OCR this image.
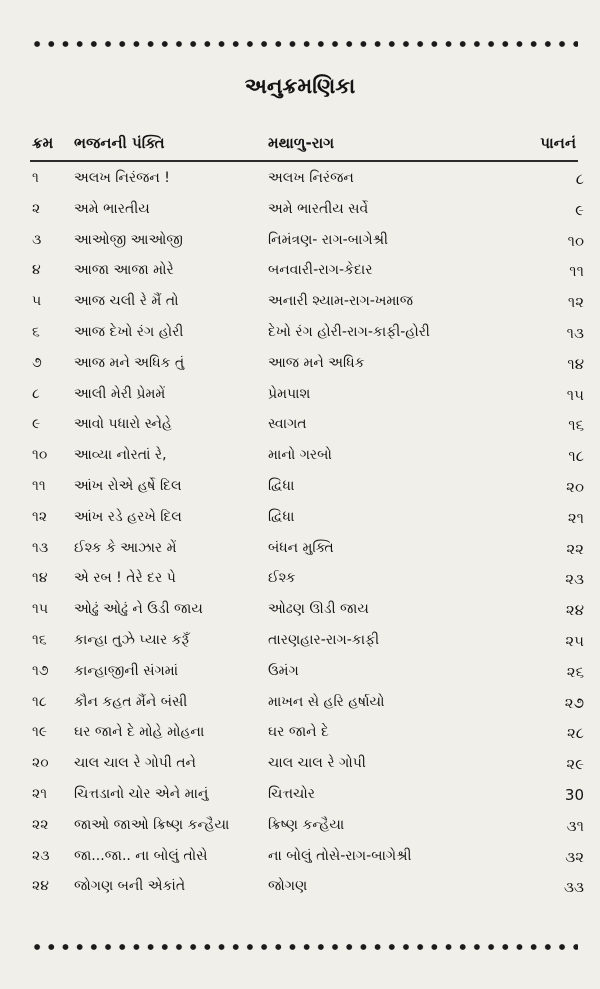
અનુક્રમણિકા
ક્રમ ભજનની પંક્તિ	મથાળુ-રાગ	પાનનં
૧	અલખ નિરંજન !	અલખ નિરંજન	૮
૨ અમે ભારતીય	અમે ભારતીય સર્વે	૯
૩ આઓજી આઓજી	નિમંત્રણ- રાગ-બાગેશ્રી	૧૦
૪ આજા આજા મોરે	બનવારી-રાગ-કેદાર	૧૧
૫ આજ ચલી રે મૈં તો	અનારી શ્યામ-રાગ-ખમાજ	૧૨
૬ આજ દેખો રંગ હોરી	દેખો રંગ હોરી-રાગ-કાફી-હોરી	૧૩
૭ આજ મને અધિક તું	આજ મને અધિક	૧૪
૮ આલી મેરી પ્રેમમેં	પ્રેમપાશ	૧૫
૯ આવો પધારો સ્નેહે	સ્વાગત	૧૬
૧૦ આવ્યા નોરતાં રે,	માનો ગરબો	૧૮
૧૧ આંખ રોએ હર્ષે દિલ	દ્વિધા	૨૦
૧૨ આંખ રડે હરખે દિલ	દ્વિધા	૨૧
૧૩ ઈશ્ક કે આઝાર મેં	બંધન મુક્તિ	૨૨
૧૪ એ રબ ! તેરે દર પે	ઈશ્ક	૨૩
૧૫ ઓઢું ઓઢું ને ઉડી જાય	ઓઢણ ઊડી જાય	૨૪
૧૬ કાન્હા તુઝે પ્યાર કરૂઁ	તારણહાર-રાગ-કાફી	૨૫
૧૭ કાન્હાજીની સંગમાં	ઉમંગ	૨૬
૧૮ કૌન કહત મૈંને બંસી	માખન સે હરિ હર્ષાયો	૨૭
૧૯ ઘર જાને દે મોહે મોહના	ઘર જાને દે	૨૮
૨૦ ચાલ ચાલ રે ગોપી તને	ચાલ ચાલ રે ગોપી	૨૯
૨૧ ચિત્તડાનો ચોર એને માનું	ચિત્તચોર	30
૨૨ જાઓ જાઓ ક્રિષ્ણ કન્હૈયા	ક્રિષ્ણ કન્હૈયા	૩૧
૨૩ જા...જા.. ના બોલું તોસે	ના બોલું તોસે-રાગ-બાગેશ્રી	૩૨
૨૪ જોગણ બની એકાંતે	જોગણ	૩૩
